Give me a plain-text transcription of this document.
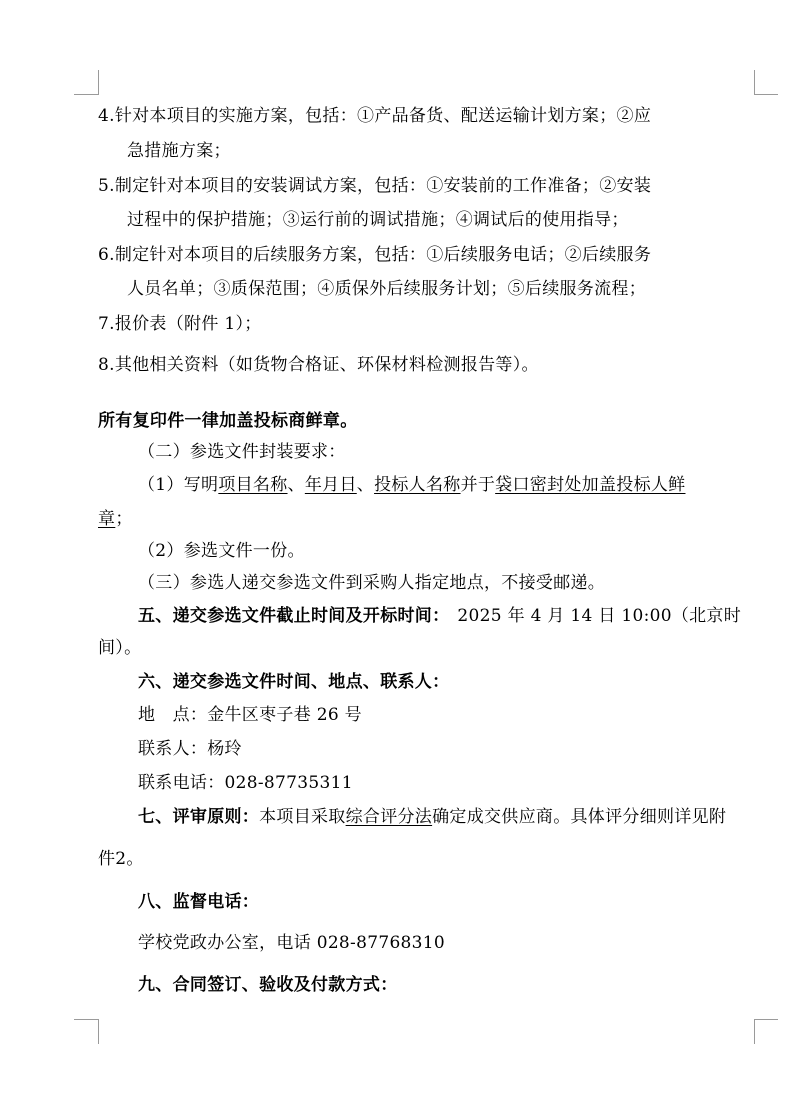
4.针对本项目的实施方案，包括：①产品备货、配送运输计划方案；②应
急措施方案；
5.制定针对本项目的安装调试方案，包括：①安装前的工作准备；②安装
过程中的保护措施；③运行前的调试措施；④调试后的使用指导；
6.制定针对本项目的后续服务方案，包括：①后续服务电话；②后续服务
人员名单；③质保范围；④质保外后续服务计划；⑤后续服务流程；
7.报价表（附件 1）；
8.其他相关资料（如货物合格证、环保材料检测报告等）。
所有复印件一律加盖投标商鲜章。
（二）参选文件封装要求：
（1）写明项目名称、年月日、投标人名称并于袋口密封处加盖投标人鲜
章；
（2）参选文件一份。
（三）参选人递交参选文件到采购人指定地点，不接受邮递。
五、递交参选文件截止时间及开标时间： 2025 年 4 月 14 日 10:00（北京时
间）。
六、递交参选文件时间、地点、联系人：
地　点：金牛区枣子巷 26 号
联系人：杨玲
联系电话：028-87735311
七、评审原则：本项目采取综合评分法确定成交供应商。具体评分细则详见附
件2。
八、监督电话：
学校党政办公室，电话 028-87768310
九、合同签订、验收及付款方式：
